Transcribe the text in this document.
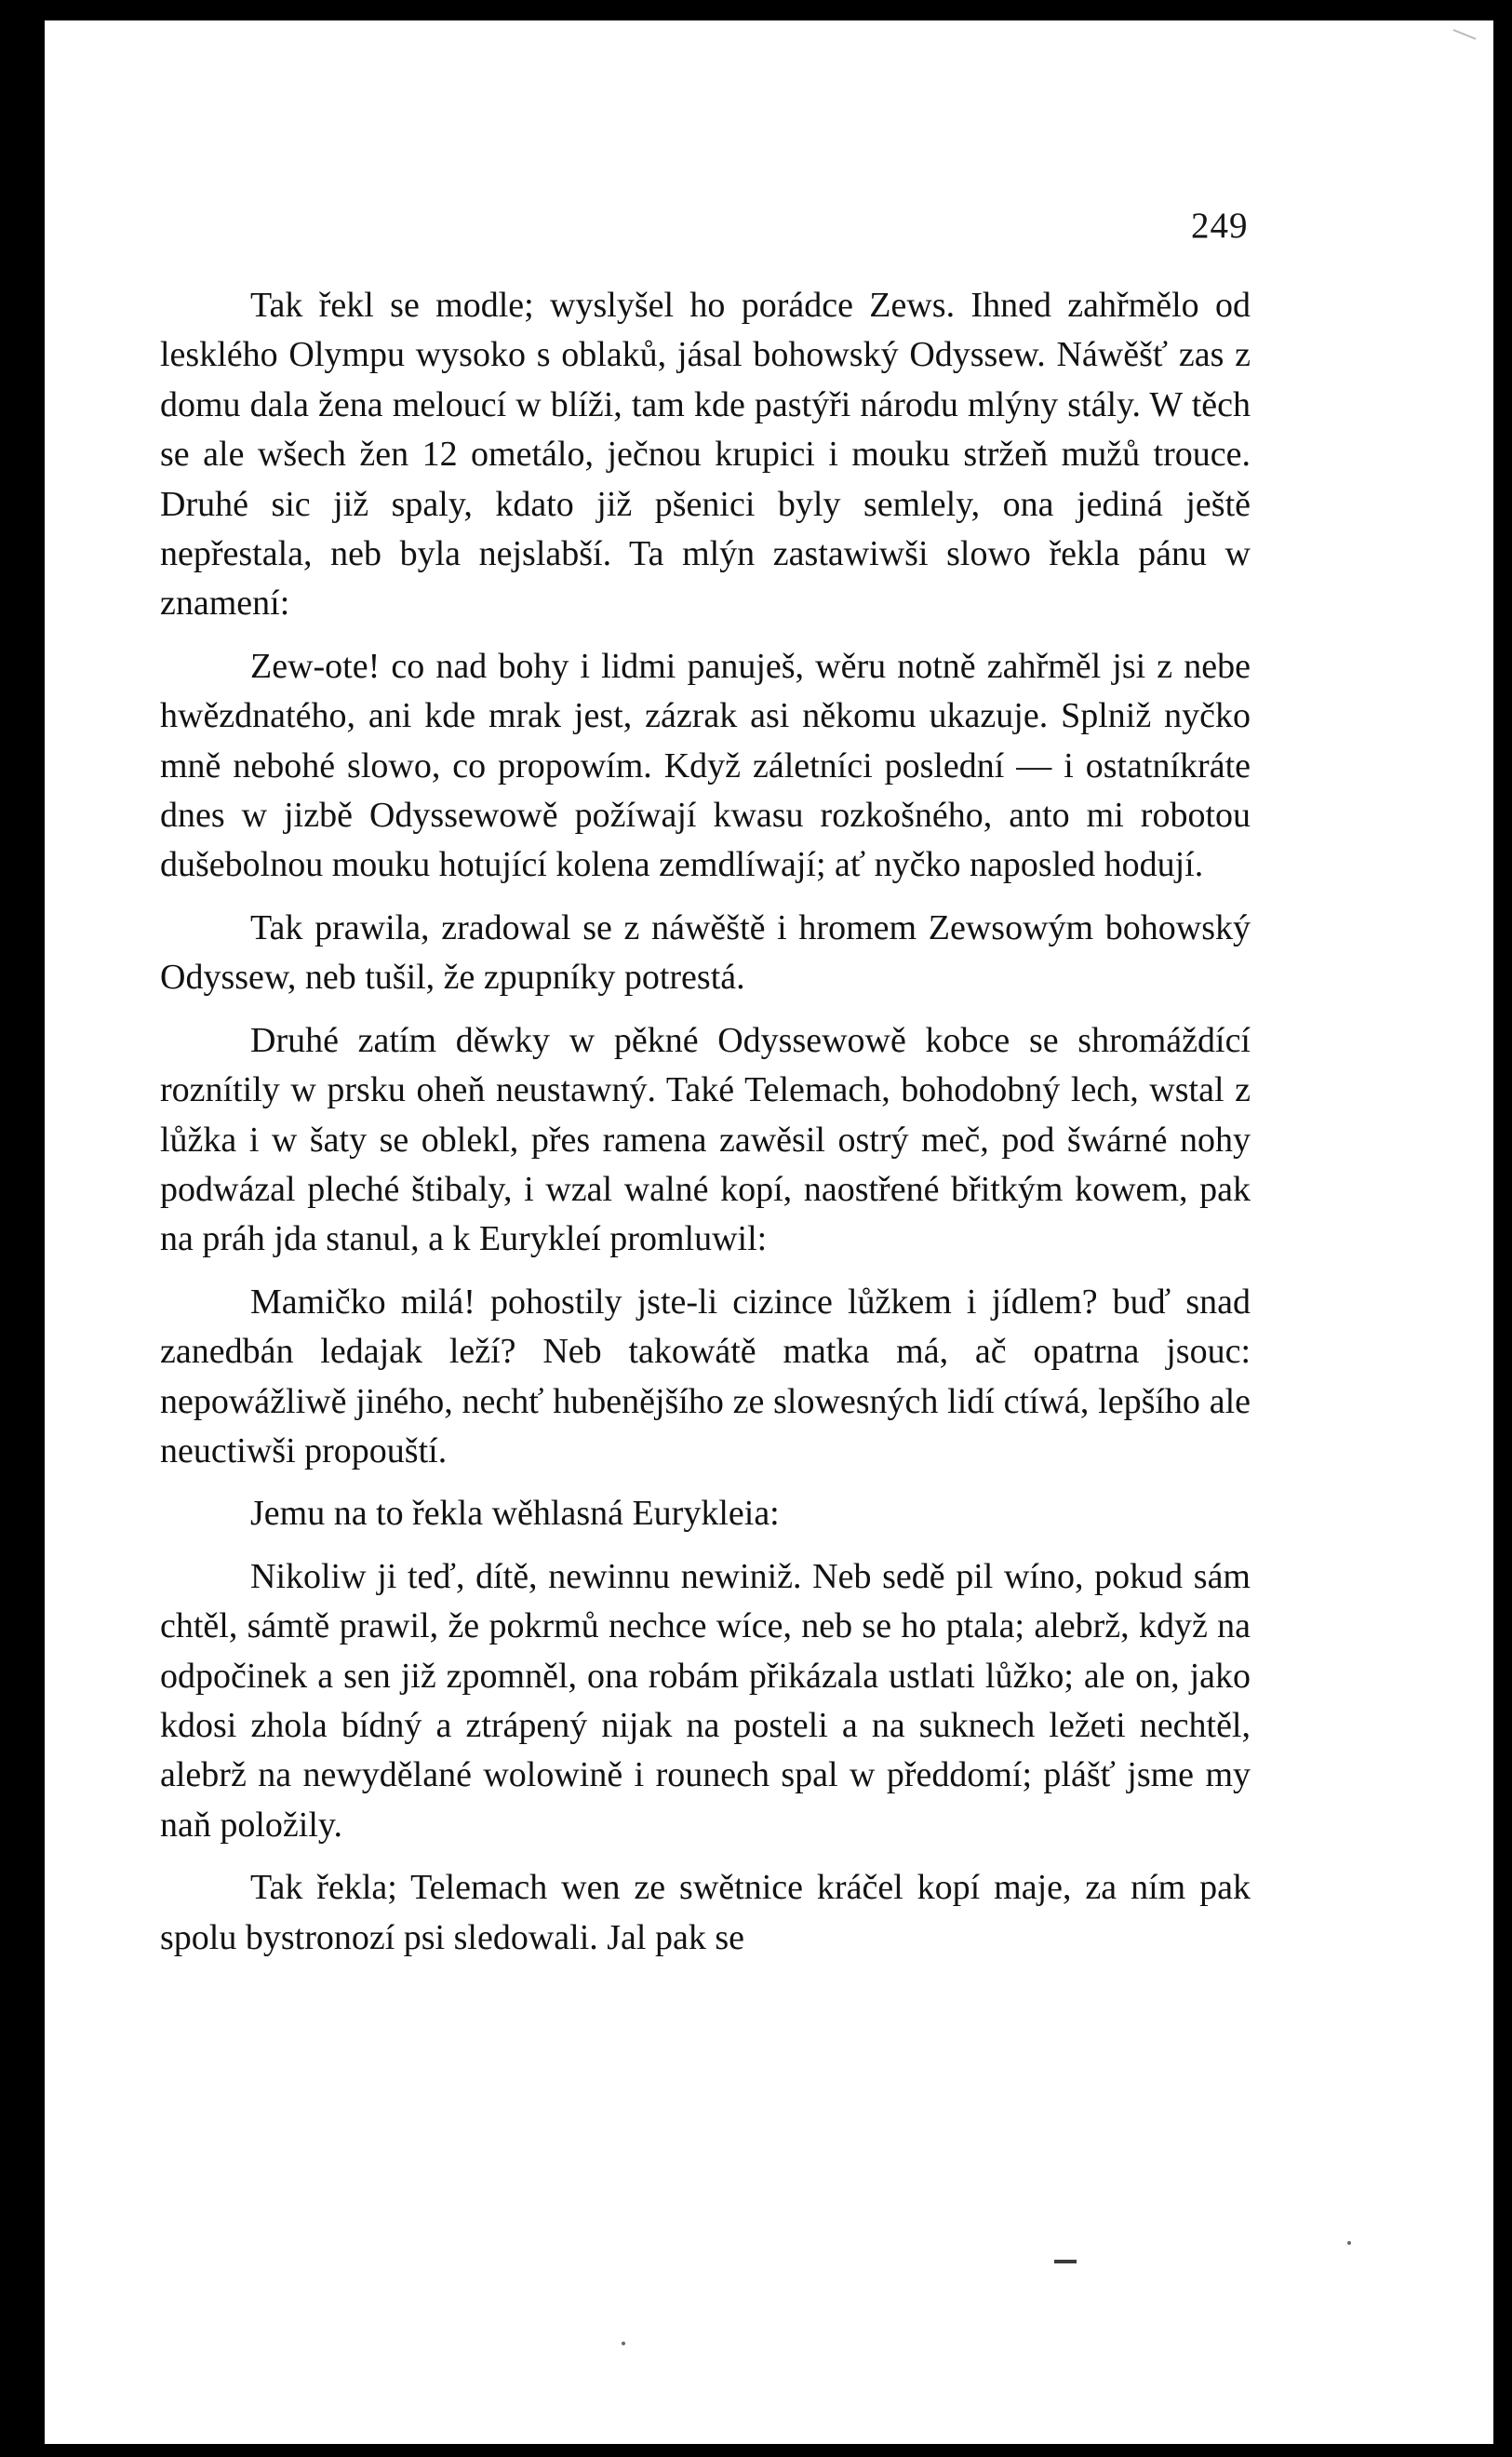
249

Tak řekl se modle; wyslyšel ho porádce Zews. Ihned zahřmělo od lesklého Olympu wysoko s oblaků, jásal bohowský Odyssew. Náwěšť zas z domu dala žena meloucí w blíži, tam kde pastýři národu mlýny stály. W těch se ale wšech žen 12 ometálo, ječnou krupici i mouku stržeň mužů trouce. Druhé sic již spaly, kdato již pšenici byly semlely, ona jediná ještě nepřestala, neb byla nejslabší. Ta mlýn zastawiwši slowo řekla pánu w znamení:

Zew-ote! co nad bohy i lidmi panuješ, wěru notně zahřměl jsi z nebe hwězdnatého, ani kde mrak jest, zázrak asi někomu ukazuje. Splniž nyčko mně nebohé slowo, co propowím. Když záletníci poslední — i ostatníkráte dnes w jizbě Odyssewowě požíwají kwasu rozkošného, anto mi robotou dušebolnou mouku hotující kolena zemdlíwají; ať nyčko naposled hodují.

Tak prawila, zradowal se z náwěště i hromem Zewsowým bohowský Odyssew, neb tušil, že zpupníky potrestá.

Druhé zatím děwky w pěkné Odyssewowě kobce se shromáždící roznítily w prsku oheň neustawný. Také Telemach, bohodobný lech, wstal z lůžka i w šaty se oblekl, přes ramena zawěsil ostrý meč, pod šwárné nohy podwázal pleché štibaly, i wzal walné kopí, naostřené břitkým kowem, pak na práh jda stanul, a k Eurykleí promluwil:

Mamičko milá! pohostily jste-li cizince lůžkem i jídlem? buď snad zanedbán ledajak leží? Neb takowátě matka má, ač opatrna jsouc: nepowážliwě jiného, nechť hubenějšího ze slowesných lidí ctíwá, lepšího ale neuctiwši propouští.

Jemu na to řekla wěhlasná Eurykleia:

Nikoliw ji teď, dítě, newinnu newiniž. Neb sedě pil wíno, pokud sám chtěl, sámtě prawil, že pokrmů nechce wíce, neb se ho ptala; alebrž, když na odpočinek a sen již zpomněl, ona robám přikázala ustlati lůžko; ale on, jako kdosi zhola bídný a ztrápený nijak na posteli a na suknech ležeti nechtěl, alebrž na newydělané wolowině i rounech spal w předdomí; plášť jsme my naň položily.

Tak řekla; Telemach wen ze swětnice kráčel kopí maje, za ním pak spolu bystronozí psi sledowali. Jal pak se
